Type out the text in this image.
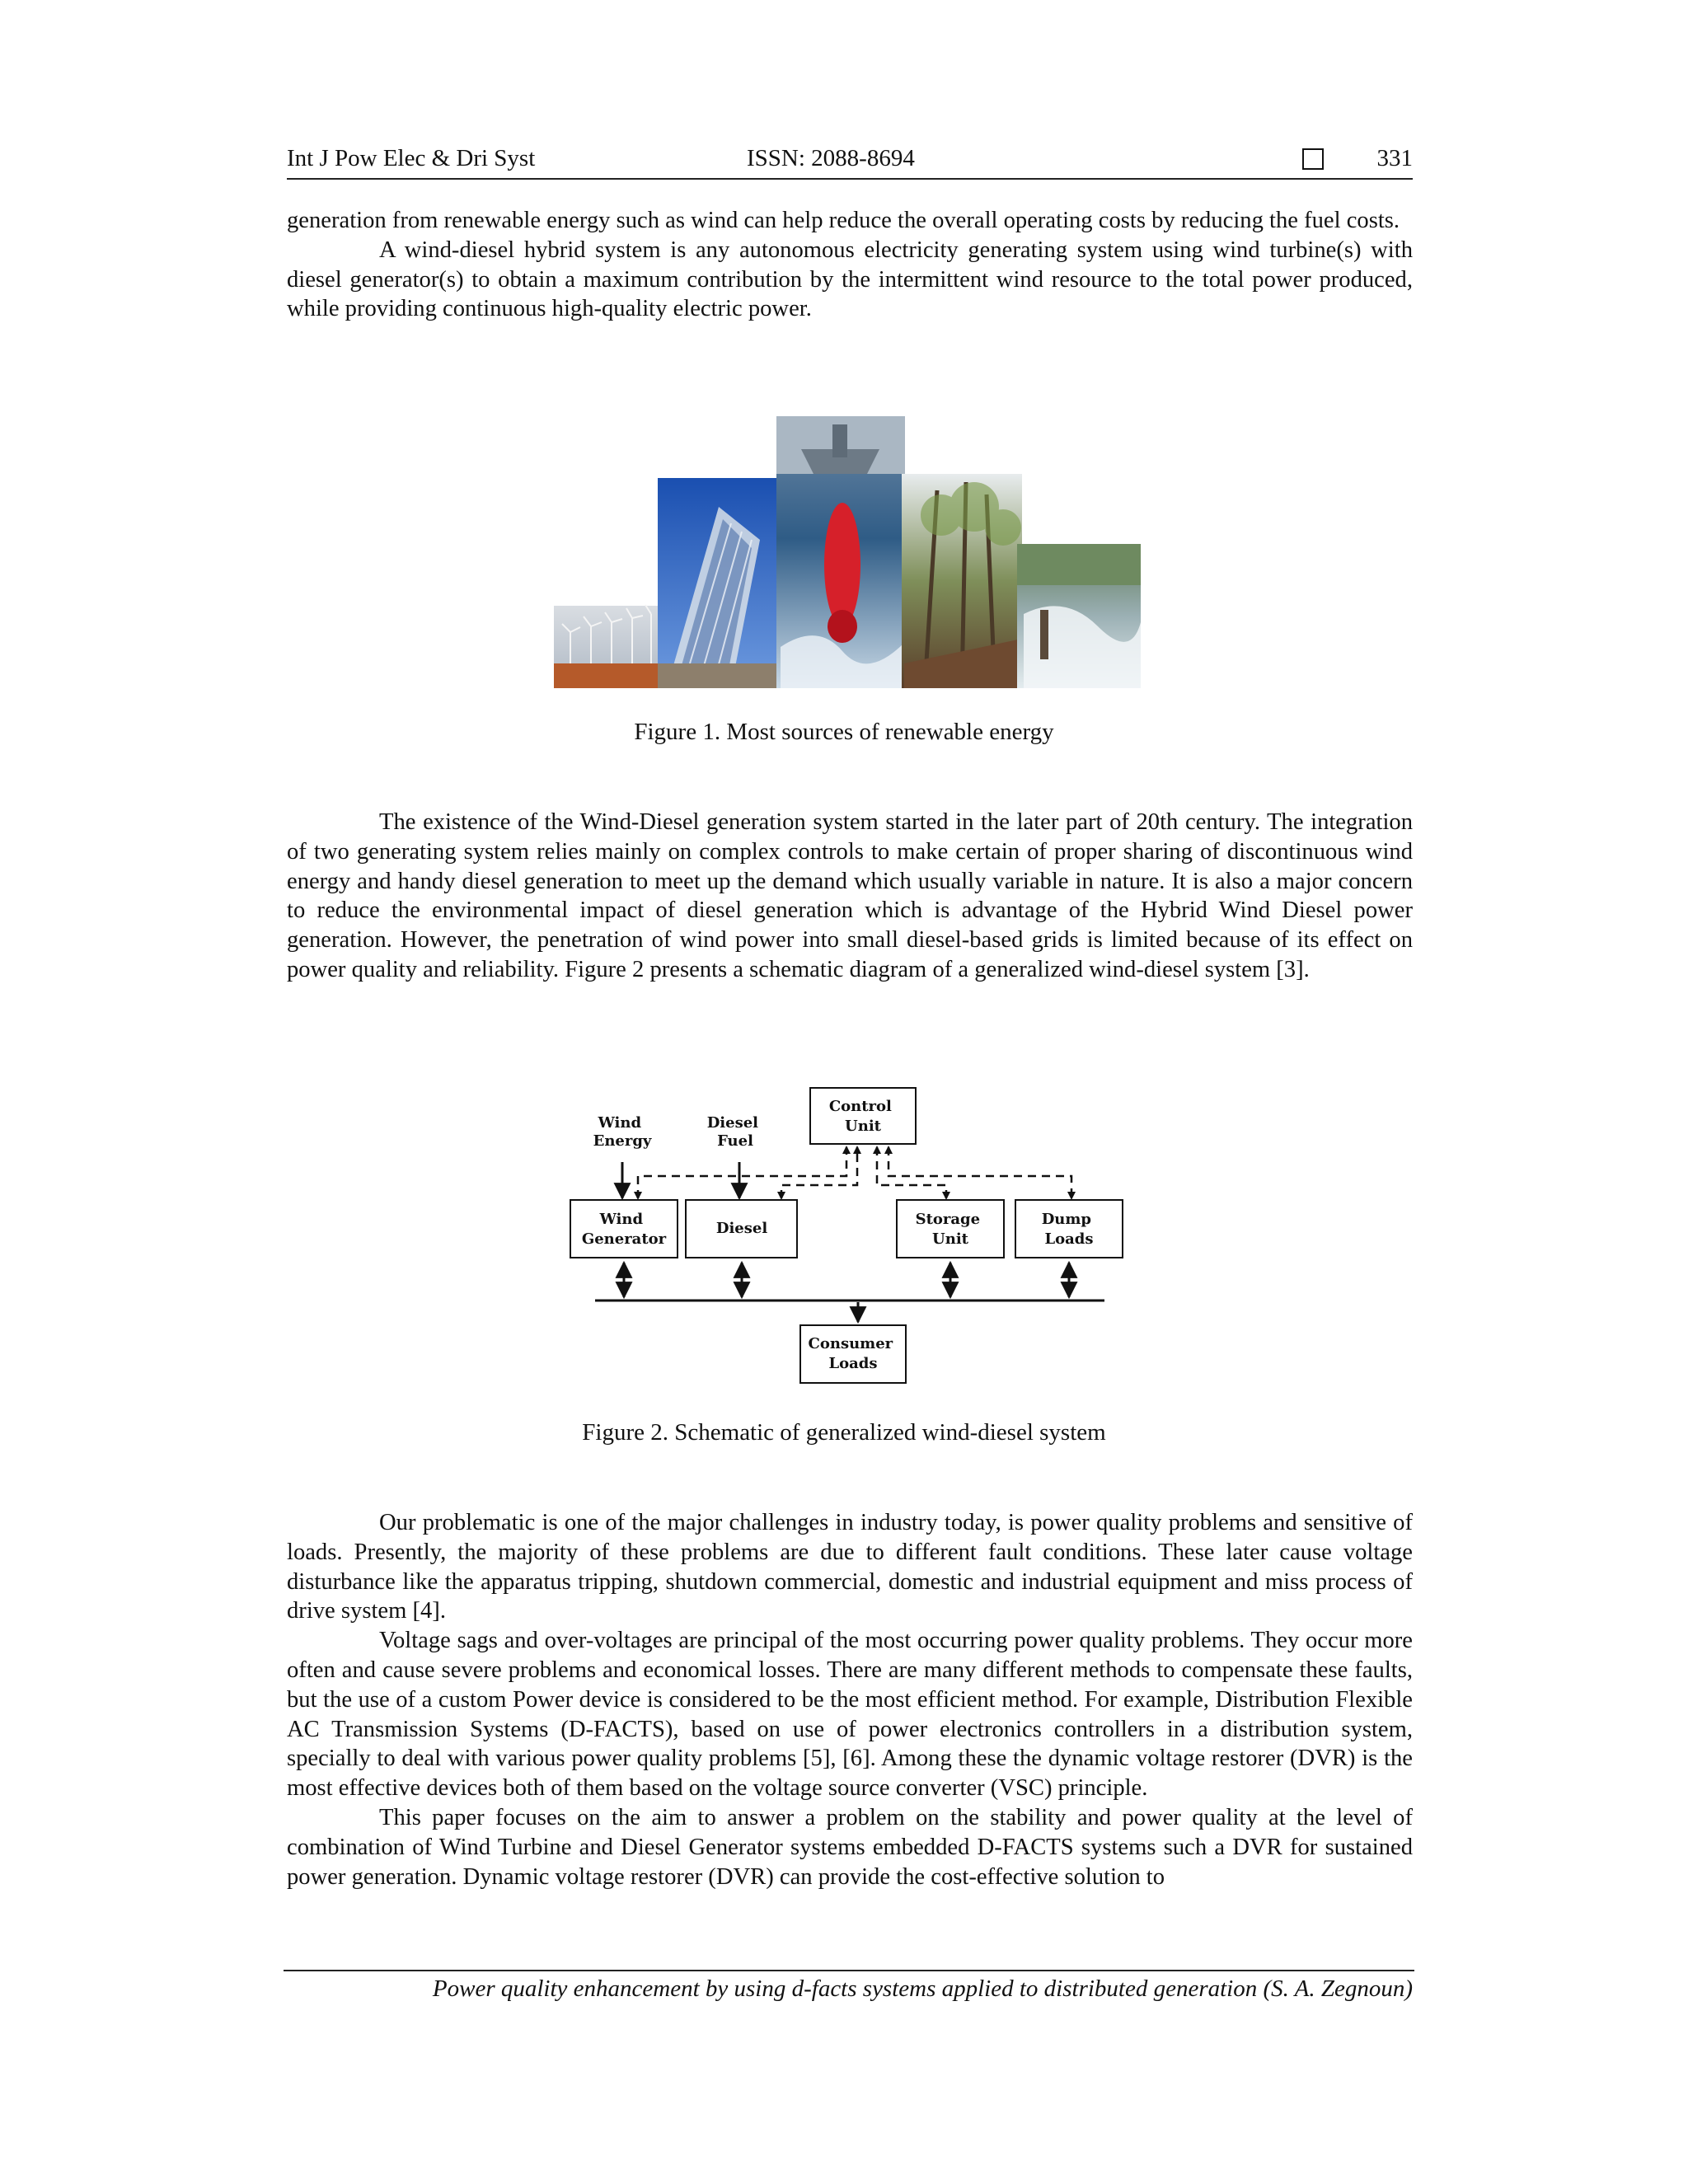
Int J Pow Elec & Dri Syst	ISSN: 2088-8694	331

generation from renewable energy such as wind can help reduce the overall operating costs by reducing the fuel costs.

A wind-diesel hybrid system is any autonomous electricity generating system using wind turbine(s) with diesel generator(s) to obtain a maximum contribution by the intermittent wind resource to the total power produced, while providing continuous high-quality electric power.

Figure 1. Most sources of renewable energy

The existence of the Wind-Diesel generation system started in the later part of 20th century. The integration of two generating system relies mainly on complex controls to make certain of proper sharing of discontinuous wind energy and handy diesel generation to meet up the demand which usually variable in nature. It is also a major concern to reduce the environmental impact of diesel generation which is advantage of the Hybrid Wind Diesel power generation. However, the penetration of wind power into small diesel-based grids is limited because of its effect on power quality and reliability. Figure 2 presents a schematic diagram of a generalized wind-diesel system [3].

Wind Energy
Diesel Fuel
Control Unit
Wind Generator
Diesel
Storage Unit
Dump Loads
Consumer Loads
Figure 2. Schematic of generalized wind-diesel system

Our problematic is one of the major challenges in industry today, is power quality problems and sensitive of loads. Presently, the majority of these problems are due to different fault conditions. These later cause voltage disturbance like the apparatus tripping, shutdown commercial, domestic and industrial equipment and miss process of drive system [4].

Voltage sags and over-voltages are principal of the most occurring power quality problems. They occur more often and cause severe problems and economical losses. There are many different methods to compensate these faults, but the use of a custom Power device is considered to be the most efficient method. For example, Distribution Flexible AC Transmission Systems (D-FACTS), based on use of power electronics controllers in a distribution system, specially to deal with various power quality problems [5], [6]. Among these the dynamic voltage restorer (DVR) is the most effective devices both of them based on the voltage source converter (VSC) principle.

This paper focuses on the aim to answer a problem on the stability and power quality at the level of combination of Wind Turbine and Diesel Generator systems embedded D-FACTS systems such a DVR for sustained power generation. Dynamic voltage restorer (DVR) can provide the cost-effective solution to

Power quality enhancement by using d-facts systems applied to distributed generation (S. A. Zegnoun)
